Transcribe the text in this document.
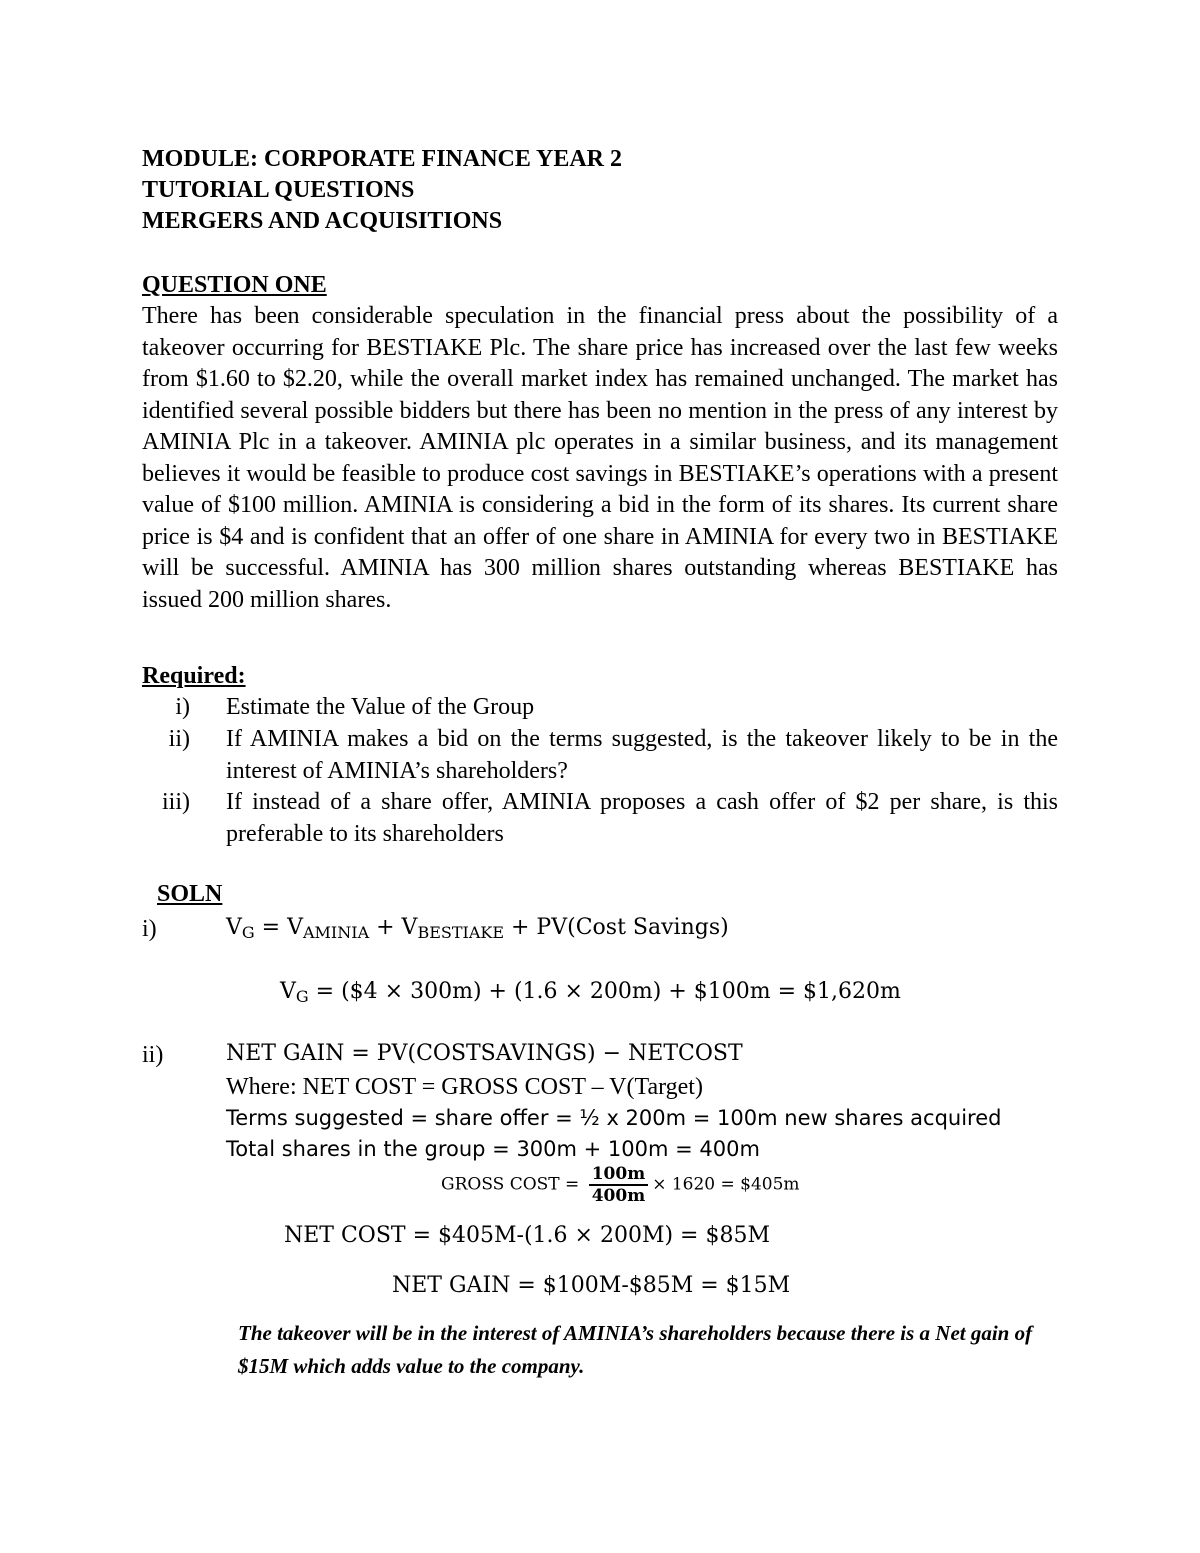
MODULE: CORPORATE FINANCE YEAR 2
TUTORIAL QUESTIONS
MERGERS AND ACQUISITIONS
QUESTION ONE
There has been considerable speculation in the financial press about the possibility of a takeover occurring for BESTIAKE Plc. The share price has increased over the last few weeks from $1.60 to $2.20, while the overall market index has remained unchanged. The market has identified several possible bidders but there has been no mention in the press of any interest by AMINIA Plc in a takeover. AMINIA plc operates in a similar business, and its management believes it would be feasible to produce cost savings in BESTIAKE’s operations with a present value of $100 million. AMINIA is considering a bid in the form of its shares. Its current share price is $4 and is confident that an offer of one share in AMINIA for every two in BESTIAKE will be successful. AMINIA has 300 million shares outstanding whereas BESTIAKE has issued 200 million shares.
Required:
i) Estimate the Value of the Group
ii) If AMINIA makes a bid on the terms suggested, is the takeover likely to be in the interest of AMINIA’s shareholders?
iii) If instead of a share offer, AMINIA proposes a cash offer of $2 per share, is this preferable to its shareholders
SOLN
i)	$V_G = V_{AMINIA} + V_{BESTIAKE}$ + PV(Cost Savings)
$V_G$ = ($4 × 300m) + (1.6 × 200m) + $100m = $1,620m
ii)	NET GAIN = PV(COSTSAVINGS) − NETCOST
Where: NET COST = GROSS COST – V(Target)
Terms suggested = share offer = ½ x 200m = 100m new shares acquired
Total shares in the group = 300m + 100m = 400m
GROSS COST = $\frac{100m}{400m} \times 1620$ = $405m
NET COST = $405M-(1.6 × 200M) = $85M
NET GAIN = $100M-$85M = $15M
The takeover will be in the interest of AMINIA’s shareholders because there is a Net gain of $15M which adds value to the company.
